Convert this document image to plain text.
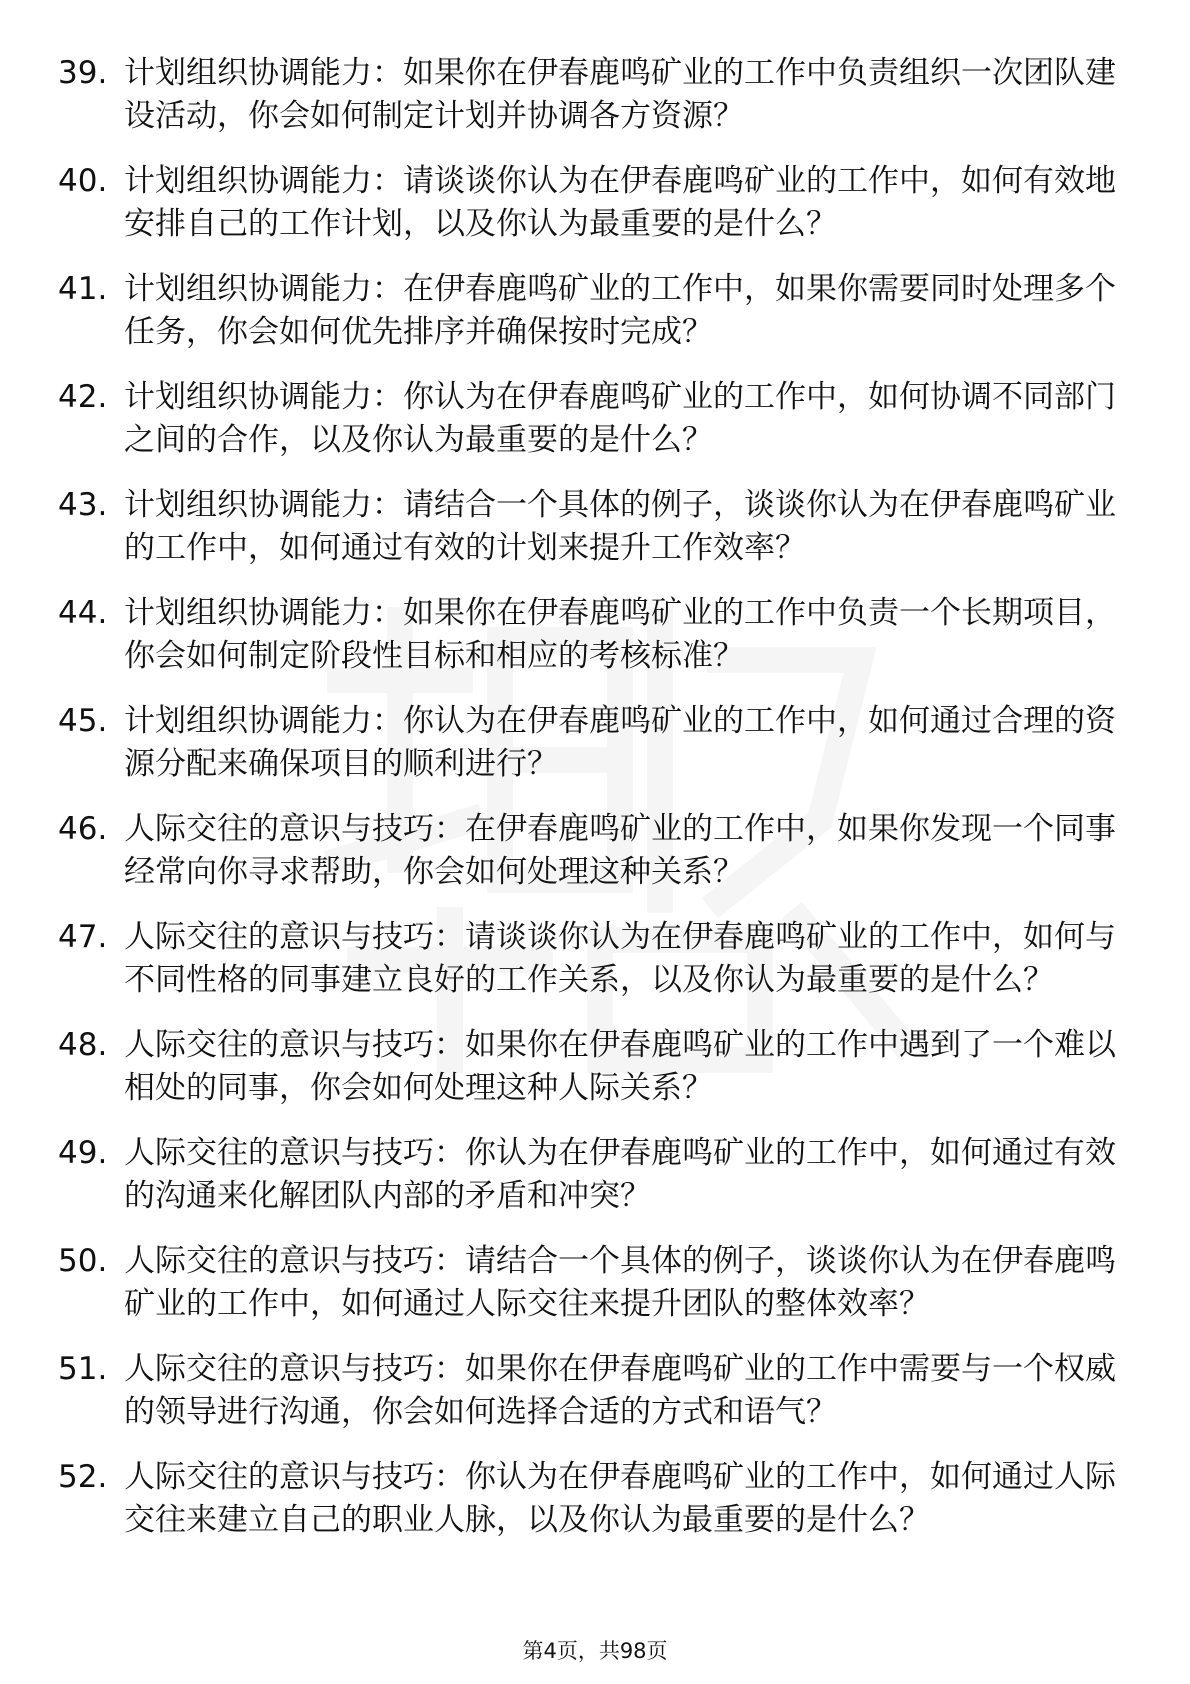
39. 计划组织协调能力：如果你在伊春鹿鸣矿业的工作中负责组织一次团队建设活动，你会如何制定计划并协调各方资源？
40. 计划组织协调能力：请谈谈你认为在伊春鹿鸣矿业的工作中，如何有效地安排自己的工作计划，以及你认为最重要的是什么？
41. 计划组织协调能力：在伊春鹿鸣矿业的工作中，如果你需要同时处理多个任务，你会如何优先排序并确保按时完成？
42. 计划组织协调能力：你认为在伊春鹿鸣矿业的工作中，如何协调不同部门之间的合作，以及你认为最重要的是什么？
43. 计划组织协调能力：请结合一个具体的例子，谈谈你认为在伊春鹿鸣矿业的工作中，如何通过有效的计划来提升工作效率？
44. 计划组织协调能力：如果你在伊春鹿鸣矿业的工作中负责一个长期项目，你会如何制定阶段性目标和相应的考核标准？
45. 计划组织协调能力：你认为在伊春鹿鸣矿业的工作中，如何通过合理的资源分配来确保项目的顺利进行？
46. 人际交往的意识与技巧：在伊春鹿鸣矿业的工作中，如果你发现一个同事经常向你寻求帮助，你会如何处理这种关系？
47. 人际交往的意识与技巧：请谈谈你认为在伊春鹿鸣矿业的工作中，如何与不同性格的同事建立良好的工作关系，以及你认为最重要的是什么？
48. 人际交往的意识与技巧：如果你在伊春鹿鸣矿业的工作中遇到了一个难以相处的同事，你会如何处理这种人际关系？
49. 人际交往的意识与技巧：你认为在伊春鹿鸣矿业的工作中，如何通过有效的沟通来化解团队内部的矛盾和冲突？
50. 人际交往的意识与技巧：请结合一个具体的例子，谈谈你认为在伊春鹿鸣矿业的工作中，如何通过人际交往来提升团队的整体效率？
51. 人际交往的意识与技巧：如果你在伊春鹿鸣矿业的工作中需要与一个权威的领导进行沟通，你会如何选择合适的方式和语气？
52. 人际交往的意识与技巧：你认为在伊春鹿鸣矿业的工作中，如何通过人际交往来建立自己的职业人脉，以及你认为最重要的是什么？
第4页，共98页
